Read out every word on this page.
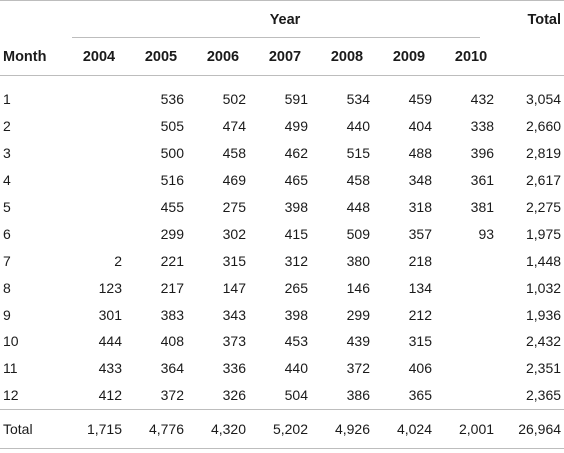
	Year							Total
Month	2004	2005	2006	2007	2008	2009	2010	

1		536	502	591	534	459	432	3,054
2		505	474	499	440	404	338	2,660
3		500	458	462	515	488	396	2,819
4		516	469	465	458	348	361	2,617
5		455	275	398	448	318	381	2,275
6		299	302	415	509	357	93	1,975
7	2	221	315	312	380	218		1,448
8	123	217	147	265	146	134		1,032
9	301	383	343	398	299	212		1,936
10	444	408	373	453	439	315		2,432
11	433	364	336	440	372	406		2,351
12	412	372	326	504	386	365		2,365
Total	1,715	4,776	4,320	5,202	4,926	4,024	2,001	26,964
